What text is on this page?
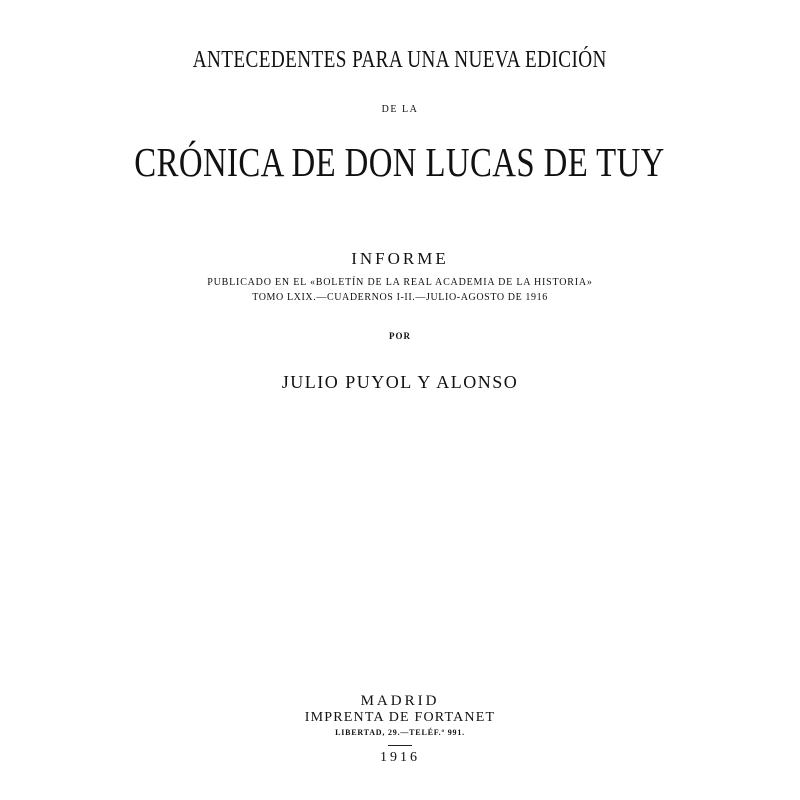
ANTECEDENTES PARA UNA NUEVA EDICIÓN
DE LA
CRÓNICA DE DON LUCAS DE TUY
INFORME
PUBLICADO EN EL «BOLETÍN DE LA REAL ACADEMIA DE LA HISTORIA»
TOMO LXIX.—CUADERNOS I-II.—JULIO-AGOSTO DE 1916
POR
JULIO PUYOL Y ALONSO
MADRID
IMPRENTA DE FORTANET
LIBERTAD, 29.—TELÉF.º 991.
1916
